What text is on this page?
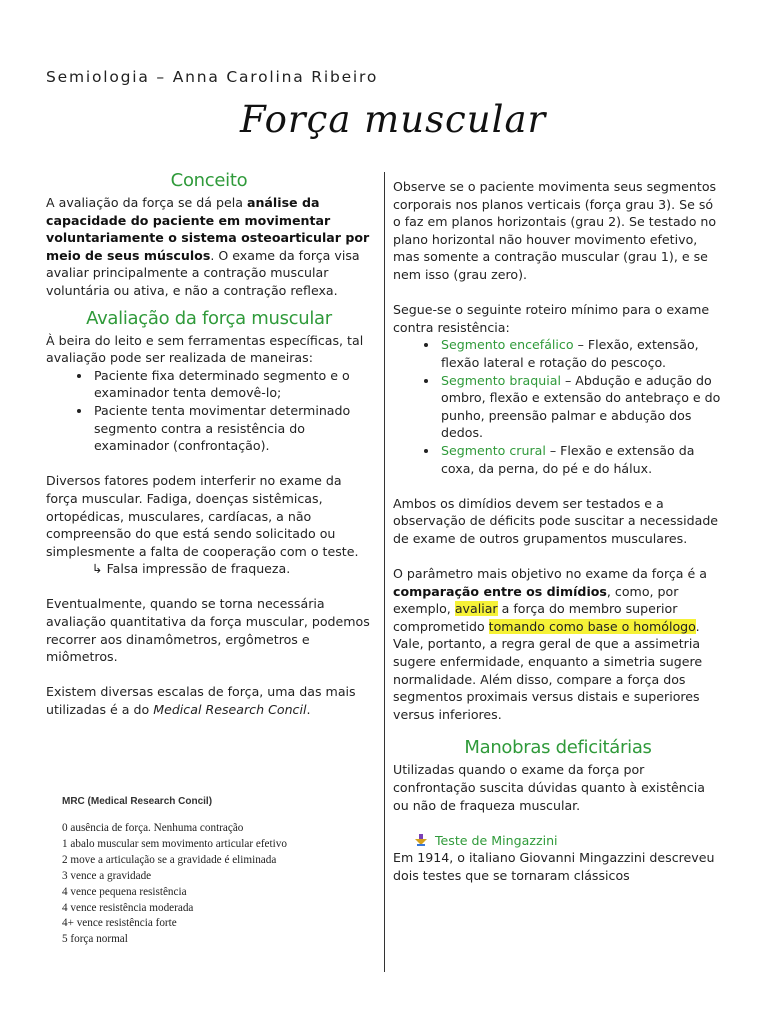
Semiologia – Anna Carolina Ribeiro
Força muscular
Conceito

A avaliação da força se dá pela análise da capacidade do paciente em movimentar voluntariamente o sistema osteoarticular por meio de seus músculos. O exame da força visa avaliar principalmente a contração muscular voluntária ou ativa, e não a contração reflexa.

Avaliação da força muscular

À beira do leito e sem ferramentas específicas, tal avaliação pode ser realizada de maneiras:

• Paciente fixa determinado segmento e o examinador tenta demovê-lo;
• Paciente tenta movimentar determinado segmento contra a resistência do examinador (confrontação).

Diversos fatores podem interferir no exame da força muscular. Fadiga, doenças sistêmicas, ortopédicas, musculares, cardíacas, a não compreensão do que está sendo solicitado ou simplesmente a falta de cooperação com o teste.

↳ Falsa impressão de fraqueza.

Eventualmente, quando se torna necessária avaliação quantitativa da força muscular, podemos recorrer aos dinamômetros, ergômetros e miômetros.

Existem diversas escalas de força, uma das mais utilizadas é a do Medical Research Concil.

MRC (Medical Research Concil)
0 ausência de força. Nenhuma contração
1 abalo muscular sem movimento articular efetivo
2 move a articulação se a gravidade é eliminada
3 vence a gravidade
4 vence pequena resistência
4 vence resistência moderada
4+ vence resistência forte
5 força normal

Observe se o paciente movimenta seus segmentos corporais nos planos verticais (força grau 3). Se só o faz em planos horizontais (grau 2). Se testado no plano horizontal não houver movimento efetivo, mas somente a contração muscular (grau 1), e se nem isso (grau zero).

Segue-se o seguinte roteiro mínimo para o exame contra resistência:

• Segmento encefálico – Flexão, extensão, flexão lateral e rotação do pescoço.
• Segmento braquial – Abdução e adução do ombro, flexão e extensão do antebraço e do punho, preensão palmar e abdução dos dedos.
• Segmento crural – Flexão e extensão da coxa, da perna, do pé e do hálux.

Ambos os dimídios devem ser testados e a observação de déficits pode suscitar a necessidade de exame de outros grupamentos musculares.

O parâmetro mais objetivo no exame da força é a comparação entre os dimídios, como, por exemplo, avaliar a força do membro superior comprometido tomando como base o homólogo. Vale, portanto, a regra geral de que a assimetria sugere enfermidade, enquanto a simetria sugere normalidade. Além disso, compare a força dos segmentos proximais versus distais e superiores versus inferiores.

Manobras deficitárias

Utilizadas quando o exame da força por confrontação suscita dúvidas quanto à existência ou não de fraqueza muscular.

Teste de Mingazzini

Em 1914, o italiano Giovanni Mingazzini descreveu dois testes que se tornaram clássicos
